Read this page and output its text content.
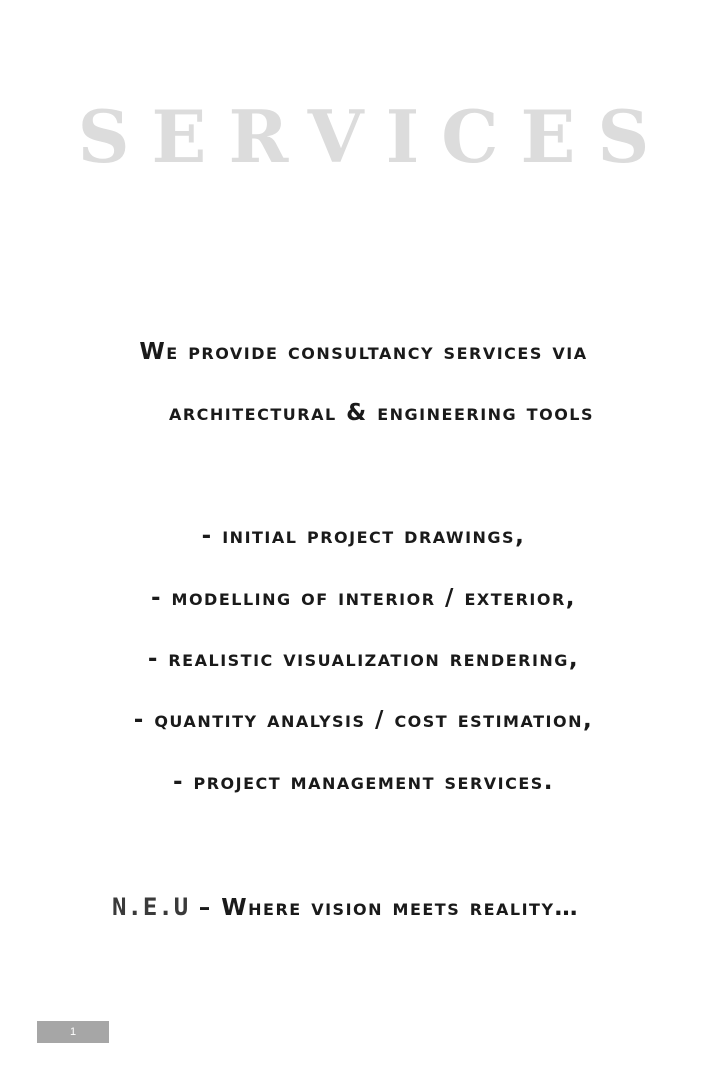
SERVICES
We provide consultancy services via
architectural & engineering tools
- initial project drawings,
- modelling of interior / exterior,
- realistic visualization rendering,
- quantity analysis / cost estimation,
- project management services.
N.E.U – Where vision meets reality…
1
